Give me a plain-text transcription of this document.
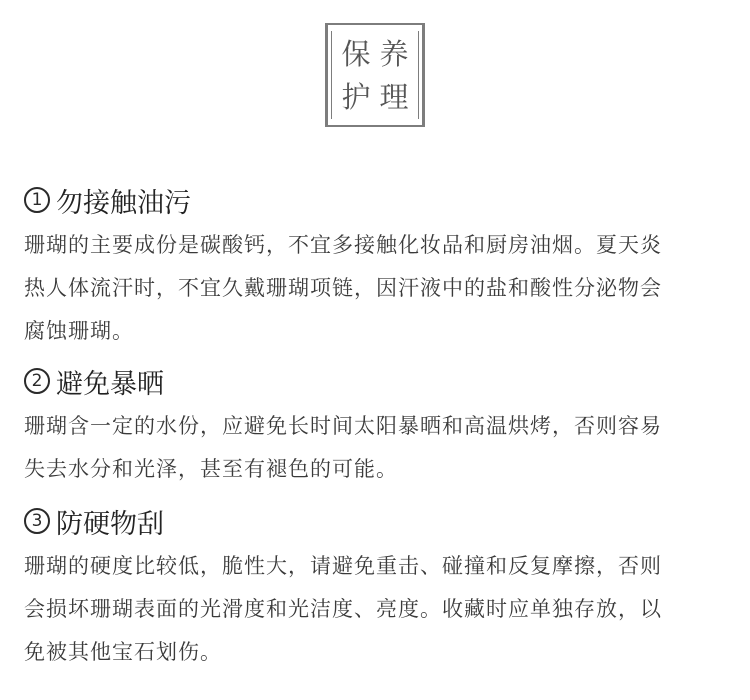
保 养
护 理
1 勿接触油污
珊瑚的主要成份是碳酸钙，不宜多接触化妆品和厨房油烟。夏天炎
热人体流汗时，不宜久戴珊瑚项链，因汗液中的盐和酸性分泌物会
腐蚀珊瑚。
2 避免暴晒
珊瑚含一定的水份，应避免长时间太阳暴晒和高温烘烤，否则容易
失去水分和光泽，甚至有褪色的可能。
3 防硬物刮
珊瑚的硬度比较低，脆性大，请避免重击、碰撞和反复摩擦，否则
会损坏珊瑚表面的光滑度和光洁度、亮度。收藏时应单独存放，以
免被其他宝石划伤。
